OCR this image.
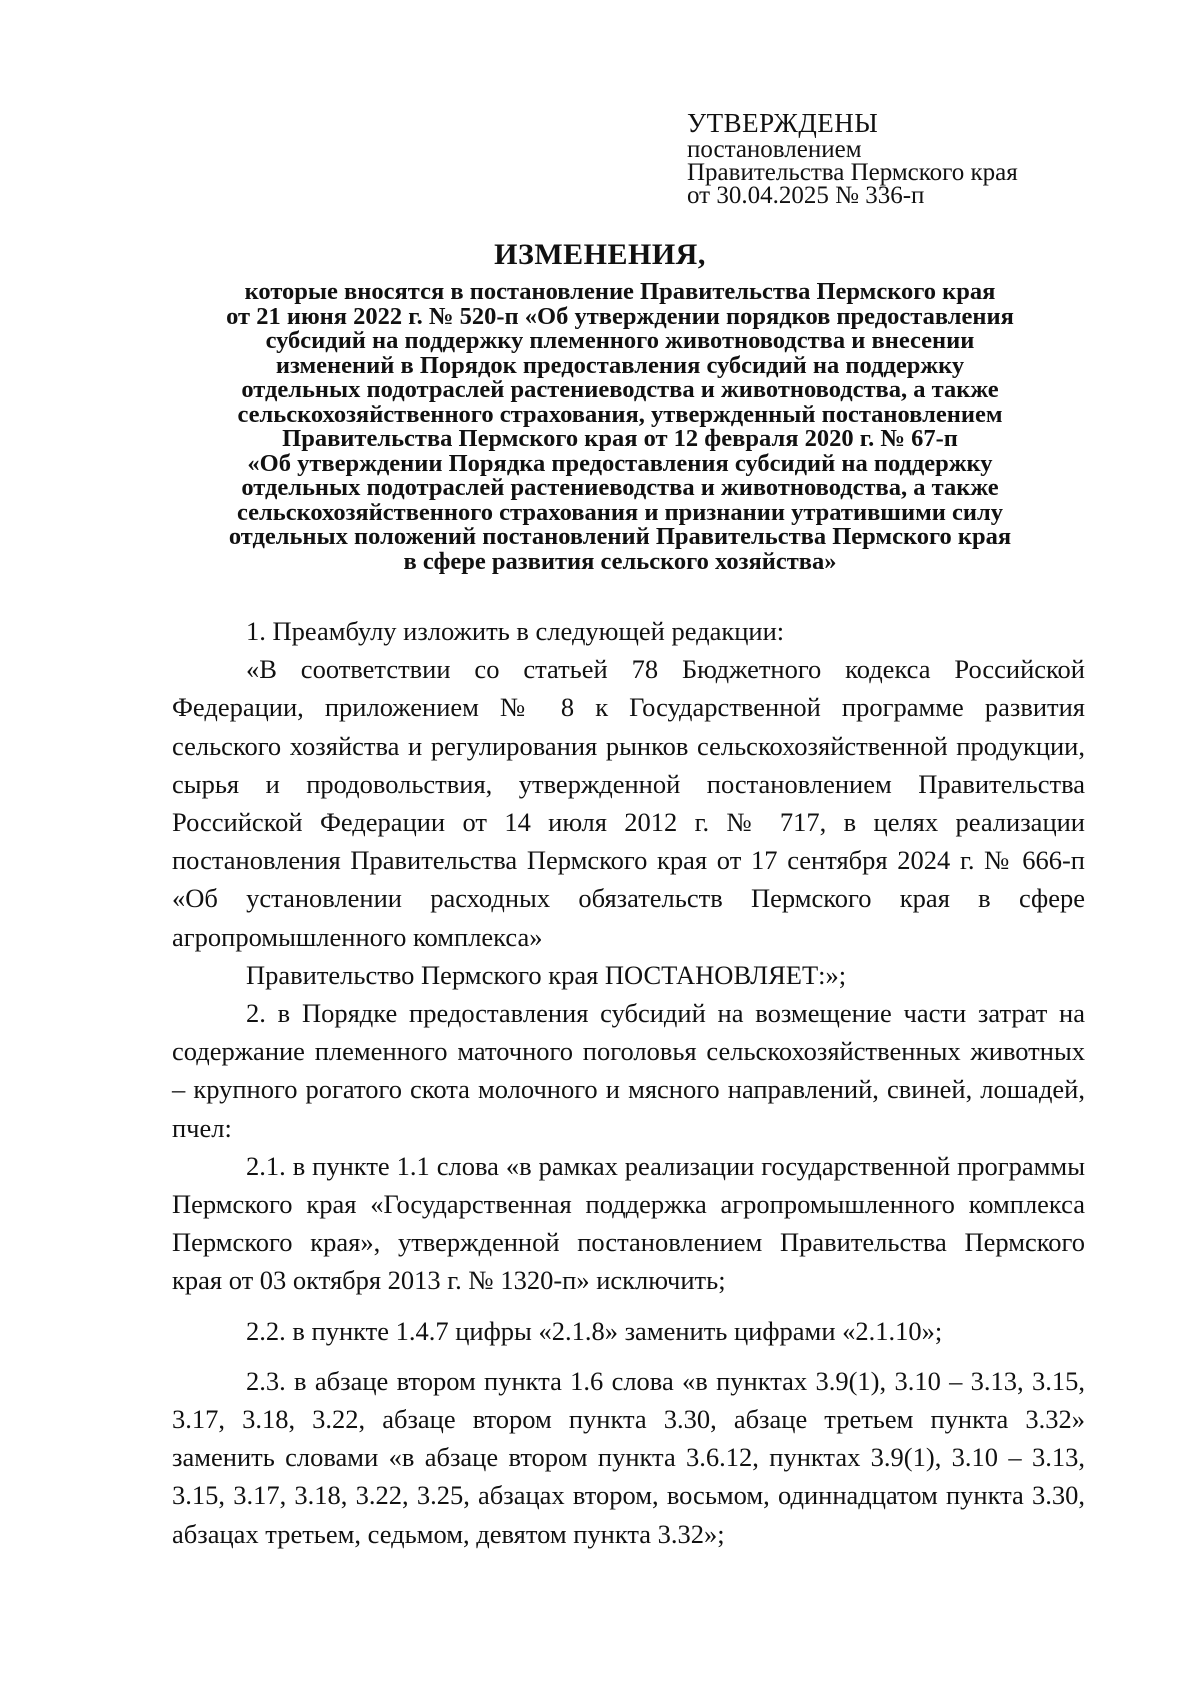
УТВЕРЖДЕНЫ
постановлением
Правительства Пермского края
от 30.04.2025 № 336-п
ИЗМЕНЕНИЯ,
которые вносятся в постановление Правительства Пермского края
от 21 июня 2022 г. № 520-п «Об утверждении порядков предоставления
субсидий на поддержку племенного животноводства и внесении
изменений в Порядок предоставления субсидий на поддержку
отдельных подотраслей растениеводства и животноводства, а также
сельскохозяйственного страхования, утвержденный постановлением
Правительства Пермского края от 12 февраля 2020 г. № 67-п
«Об утверждении Порядка предоставления субсидий на поддержку
отдельных подотраслей растениеводства и животноводства, а также
сельскохозяйственного страхования и признании утратившими силу
отдельных положений постановлений Правительства Пермского края
в сфере развития сельского хозяйства»

1. Преамбулу изложить в следующей редакции:

«В соответствии со статьей 78 Бюджетного кодекса Российской Федерации, приложением № 8 к Государственной программе развития сельского хозяйства и регулирования рынков сельскохозяйственной продукции, сырья и продовольствия, утвержденной постановлением Правительства Российской Федерации от 14 июля 2012 г. № 717, в целях реализации постановления Правительства Пермского края от 17 сентября 2024 г. № 666-п «Об установлении расходных обязательств Пермского края в сфере агропромышленного комплекса»

Правительство Пермского края ПОСТАНОВЛЯЕТ:»;

2. в Порядке предоставления субсидий на возмещение части затрат на содержание племенного маточного поголовья сельскохозяйственных животных – крупного рогатого скота молочного и мясного направлений, свиней, лошадей, пчел:

2.1. в пункте 1.1 слова «в рамках реализации государственной программы Пермского края «Государственная поддержка агропромышленного комплекса Пермского края», утвержденной постановлением Правительства Пермского края от 03 октября 2013 г. № 1320-п» исключить;

2.2. в пункте 1.4.7 цифры «2.1.8» заменить цифрами «2.1.10»;

2.3. в абзаце втором пункта 1.6 слова «в пунктах 3.9(1), 3.10 – 3.13, 3.15, 3.17, 3.18, 3.22, абзаце втором пункта 3.30, абзаце третьем пункта 3.32» заменить словами «в абзаце втором пункта 3.6.12, пунктах 3.9(1), 3.10 – 3.13, 3.15, 3.17, 3.18, 3.22, 3.25, абзацах втором, восьмом, одиннадцатом пункта 3.30, абзацах третьем, седьмом, девятом пункта 3.32»;
